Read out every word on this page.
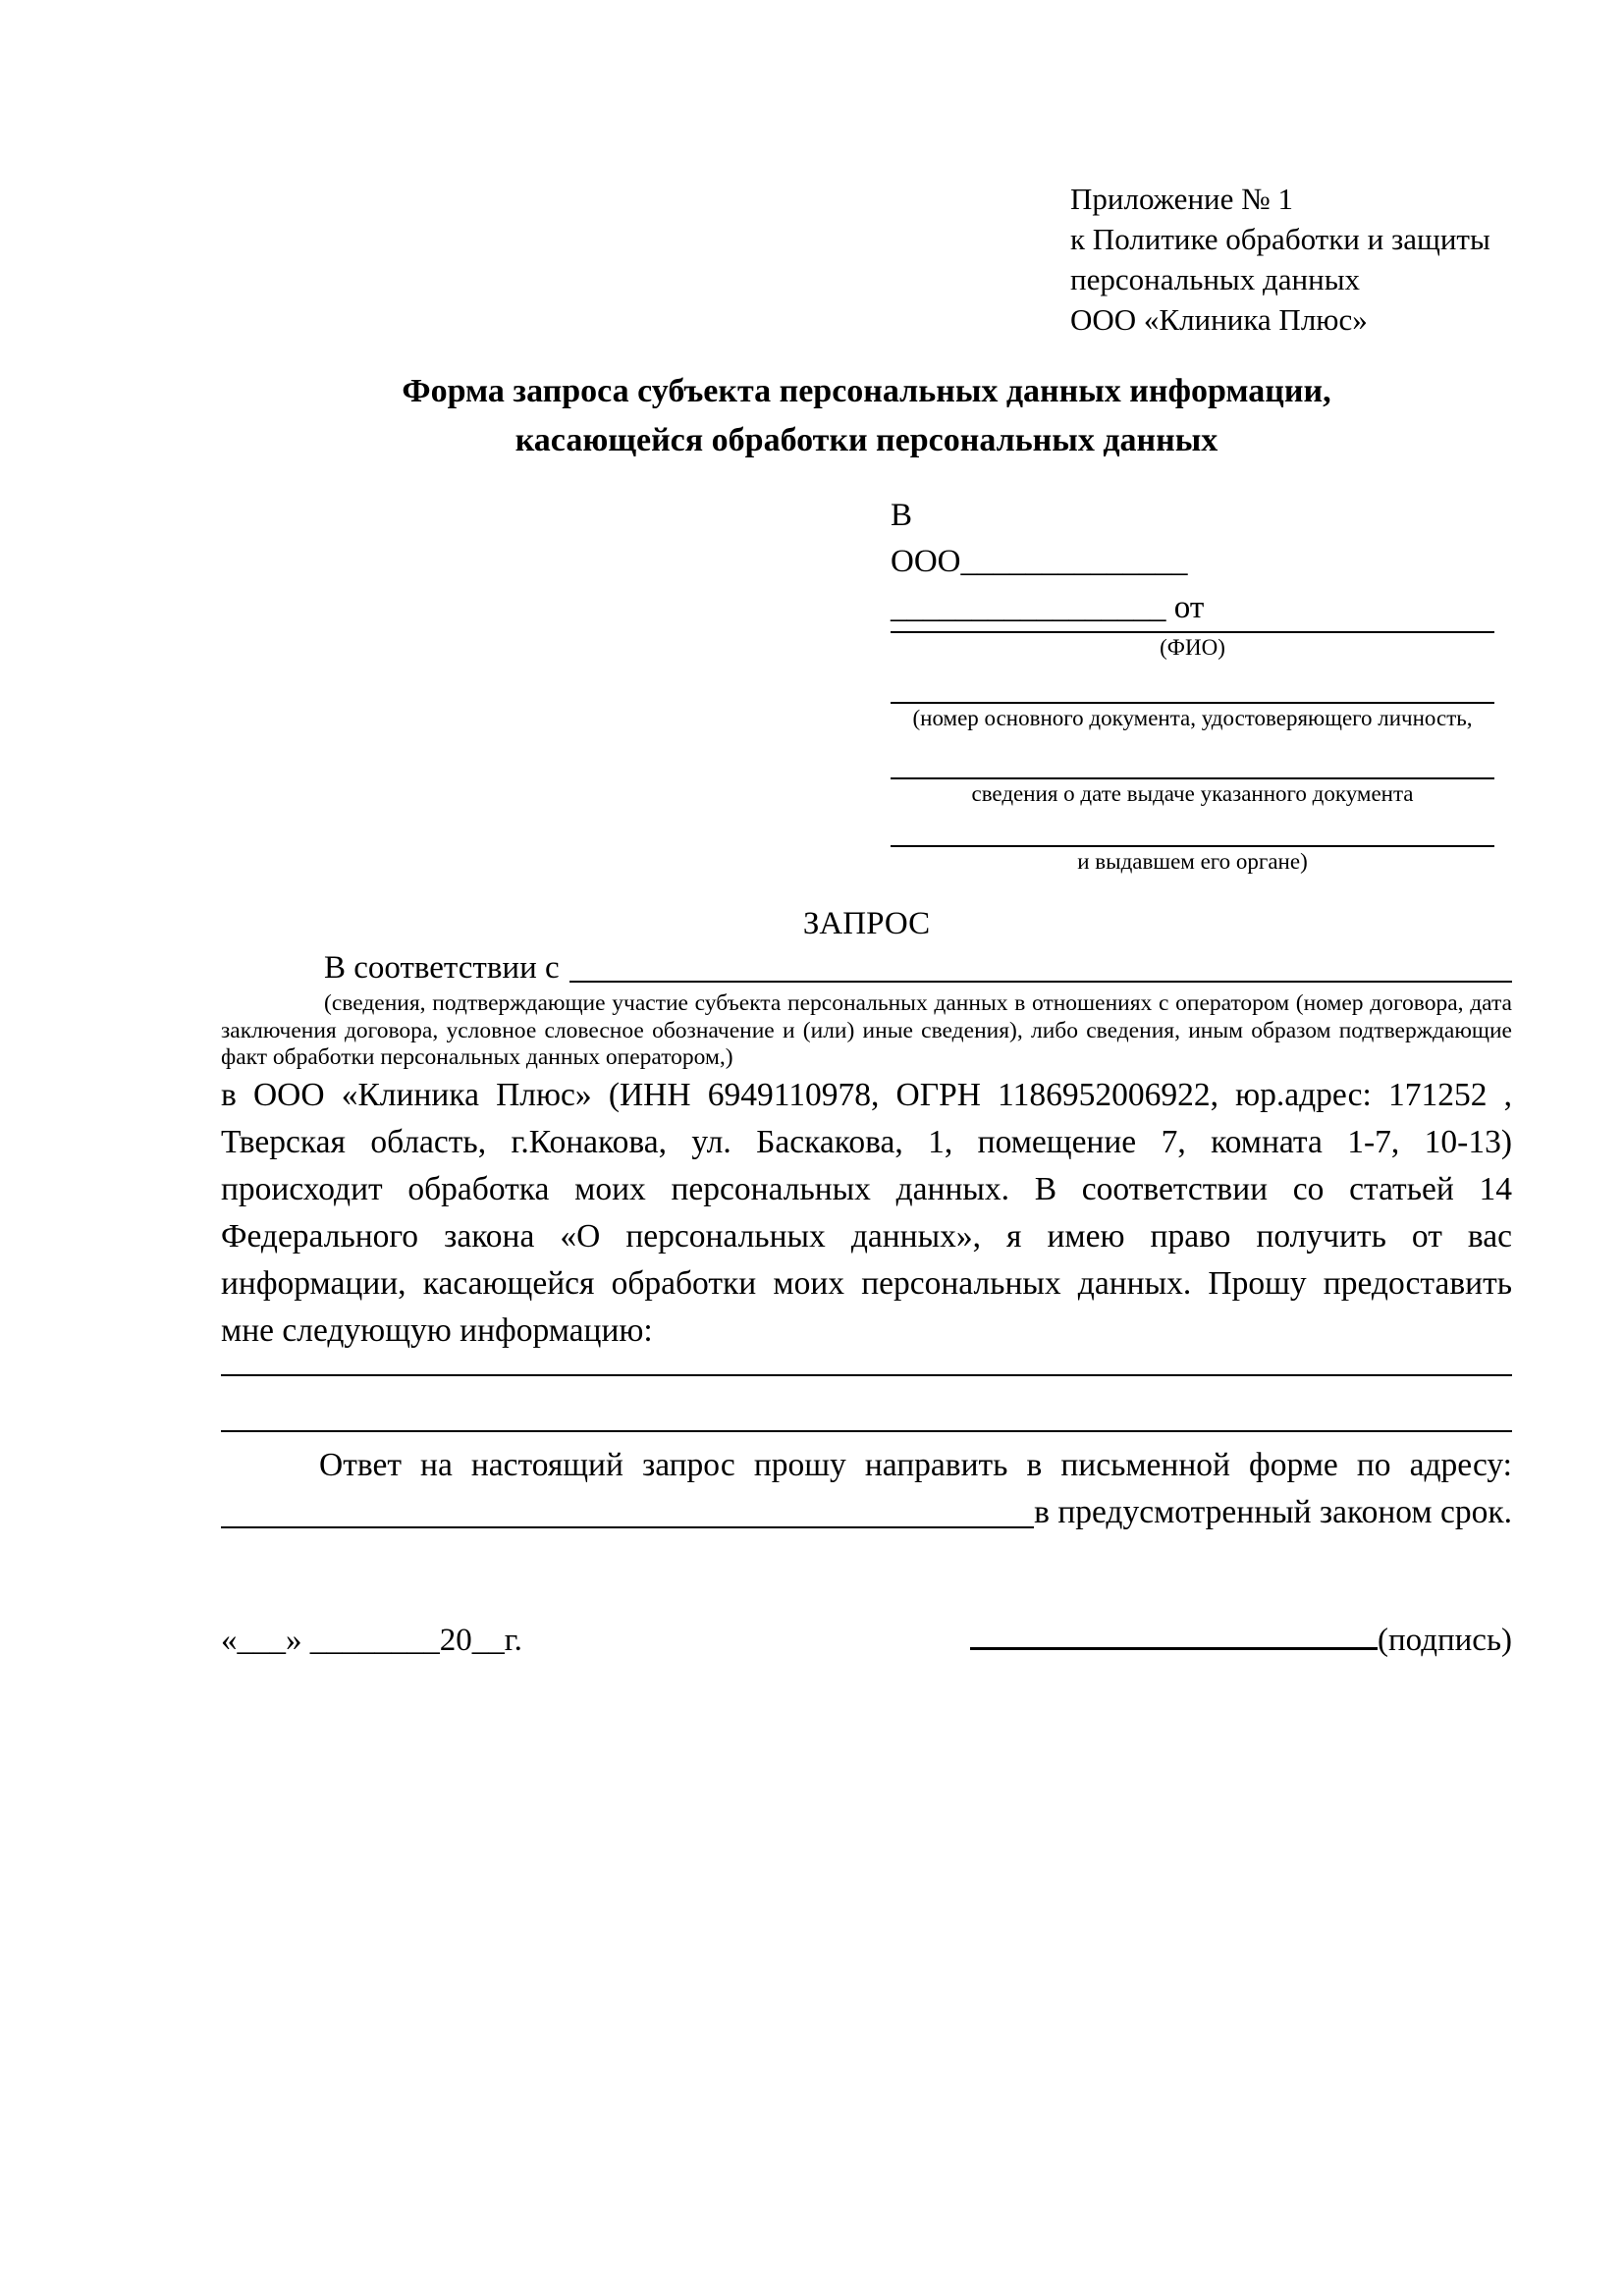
Приложение № 1
к Политике обработки и защиты
персональных данных
ООО «Клиника Плюс»
Форма запроса субъекта персональных данных информации,
касающейся обработки персональных данных
В
ООО______________
_________________ от
(ФИО)
(номер основного документа, удостоверяющего личность,
сведения о дате выдаче указанного документа
и выдавшем его органе)
ЗАПРОС
В соответствии с
(сведения, подтверждающие участие субъекта персональных данных в отношениях с оператором (номер договора, дата заключения договора, условное словесное обозначение и (или) иные сведения), либо сведения, иным образом подтверждающие факт обработки персональных данных оператором,)
в ООО «Клиника Плюс» (ИНН 6949110978, ОГРН 1186952006922, юр.адрес: 171252 , Тверская область, г.Конакова, ул. Баскакова, 1, помещение 7, комната 1-7, 10-13) происходит обработка моих персональных данных. В соответствии со статьей 14 Федерального закона «О персональных данных», я имею право получить от вас информации, касающейся обработки моих персональных данных. Прошу предоставить мне следующую информацию:
Ответ на настоящий запрос прошу направить в письменной форме по адресу:
в предусмотренный законом срок.
«___» ________20__г.	(подпись)
